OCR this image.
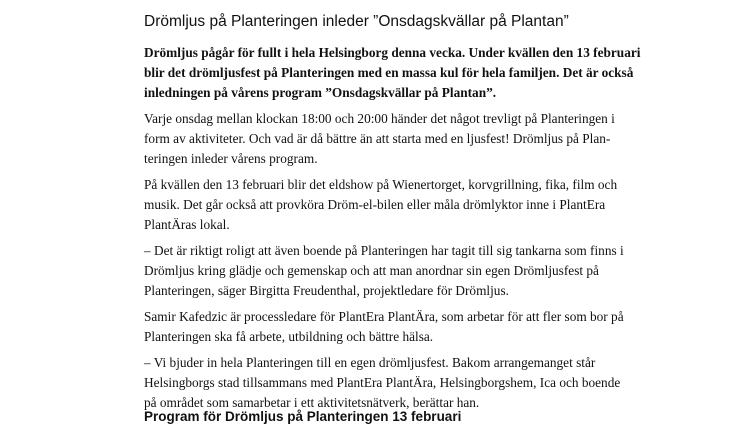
Drömljus på Planteringen inleder ”Onsdagskvällar på Plantan”

Drömljus pågår för fullt i hela Helsingborg denna vecka. Under kvällen den 13 februari
blir det drömljusfest på Planteringen med en massa kul för hela familjen. Det är också
inledningen på vårens program ”Onsdagskvällar på Plantan”.

Varje onsdag mellan klockan 18:00 och 20:00 händer det något trevligt på Planteringen i
form av aktiviteter. Och vad är då bättre än att starta med en ljusfest! Drömljus på Plan-
teringen inleder vårens program.

På kvällen den 13 februari blir det eldshow på Wienertorget, korvgrillning, fika, film och
musik. Det går också att provköra Dröm-el-bilen eller måla drömlyktor inne i PlantEra
PlantÄras lokal.

– Det är riktigt roligt att även boende på Planteringen har tagit till sig tankarna som finns i
Drömljus kring glädje och gemenskap och att man anordnar sin egen Drömljusfest på
Planteringen, säger Birgitta Freudenthal, projektledare för Drömljus.

Samir Kafedzic är processledare för PlantEra PlantÄra, som arbetar för att fler som bor på
Planteringen ska få arbete, utbildning och bättre hälsa.

– Vi bjuder in hela Planteringen till en egen drömljusfest. Bakom arrangemanget står
Helsingborgs stad tillsammans med PlantEra PlantÄra, Helsingborgshem, Ica och boende
på området som samarbetar i ett aktivitetsnätverk, berättar han.

Program för Drömljus på Planteringen 13 februari
